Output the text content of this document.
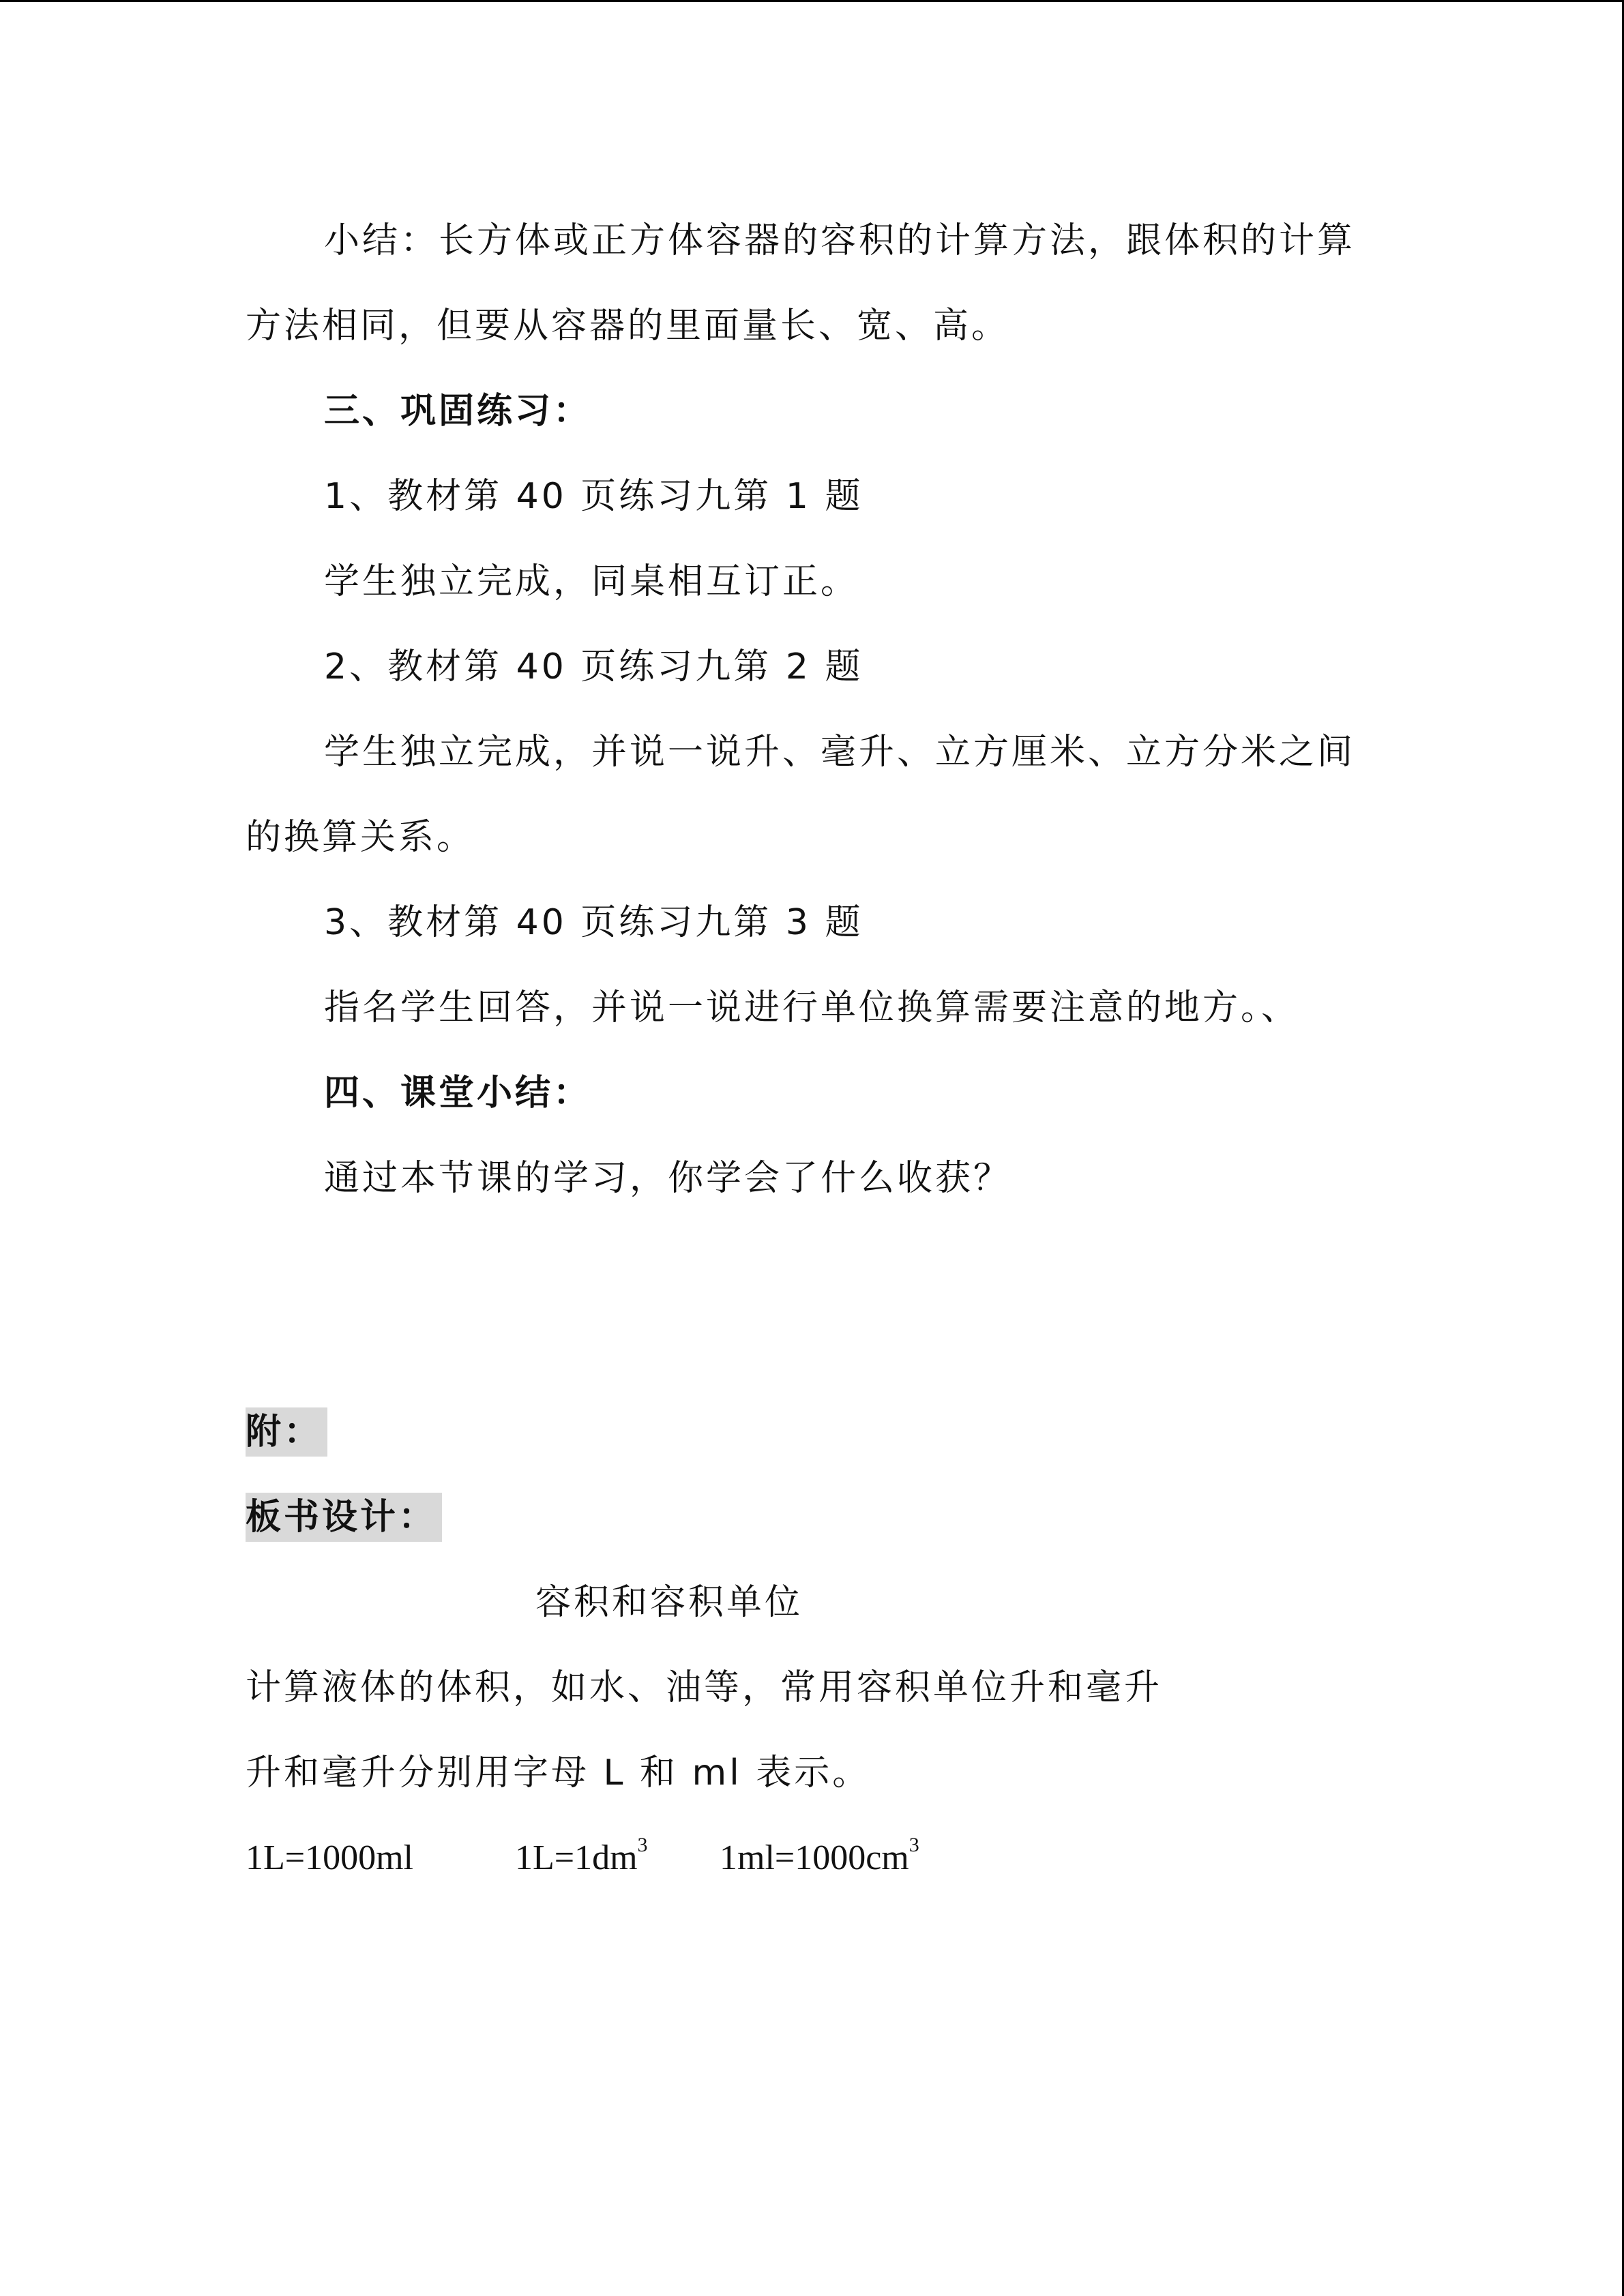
小结：长方体或正方体容器的容积的计算方法，跟体积的计算
方法相同，但要从容器的里面量长、宽、高。
三、巩固练习：
1、教材第 40 页练习九第 1 题
学生独立完成，同桌相互订正。
2、教材第 40 页练习九第 2 题
学生独立完成，并说一说升、毫升、立方厘米、立方分米之间
的换算关系。
3、教材第 40 页练习九第 3 题
指名学生回答，并说一说进行单位换算需要注意的地方。、
四、课堂小结：
通过本节课的学习，你学会了什么收获？
附：
板书设计：
容积和容积单位
计算液体的体积，如水、油等，常用容积单位升和毫升
升和毫升分别用字母 L 和 ml 表示。
1L=1000ml	$1L=1dm^3$ $1ml=1000cm^3$
